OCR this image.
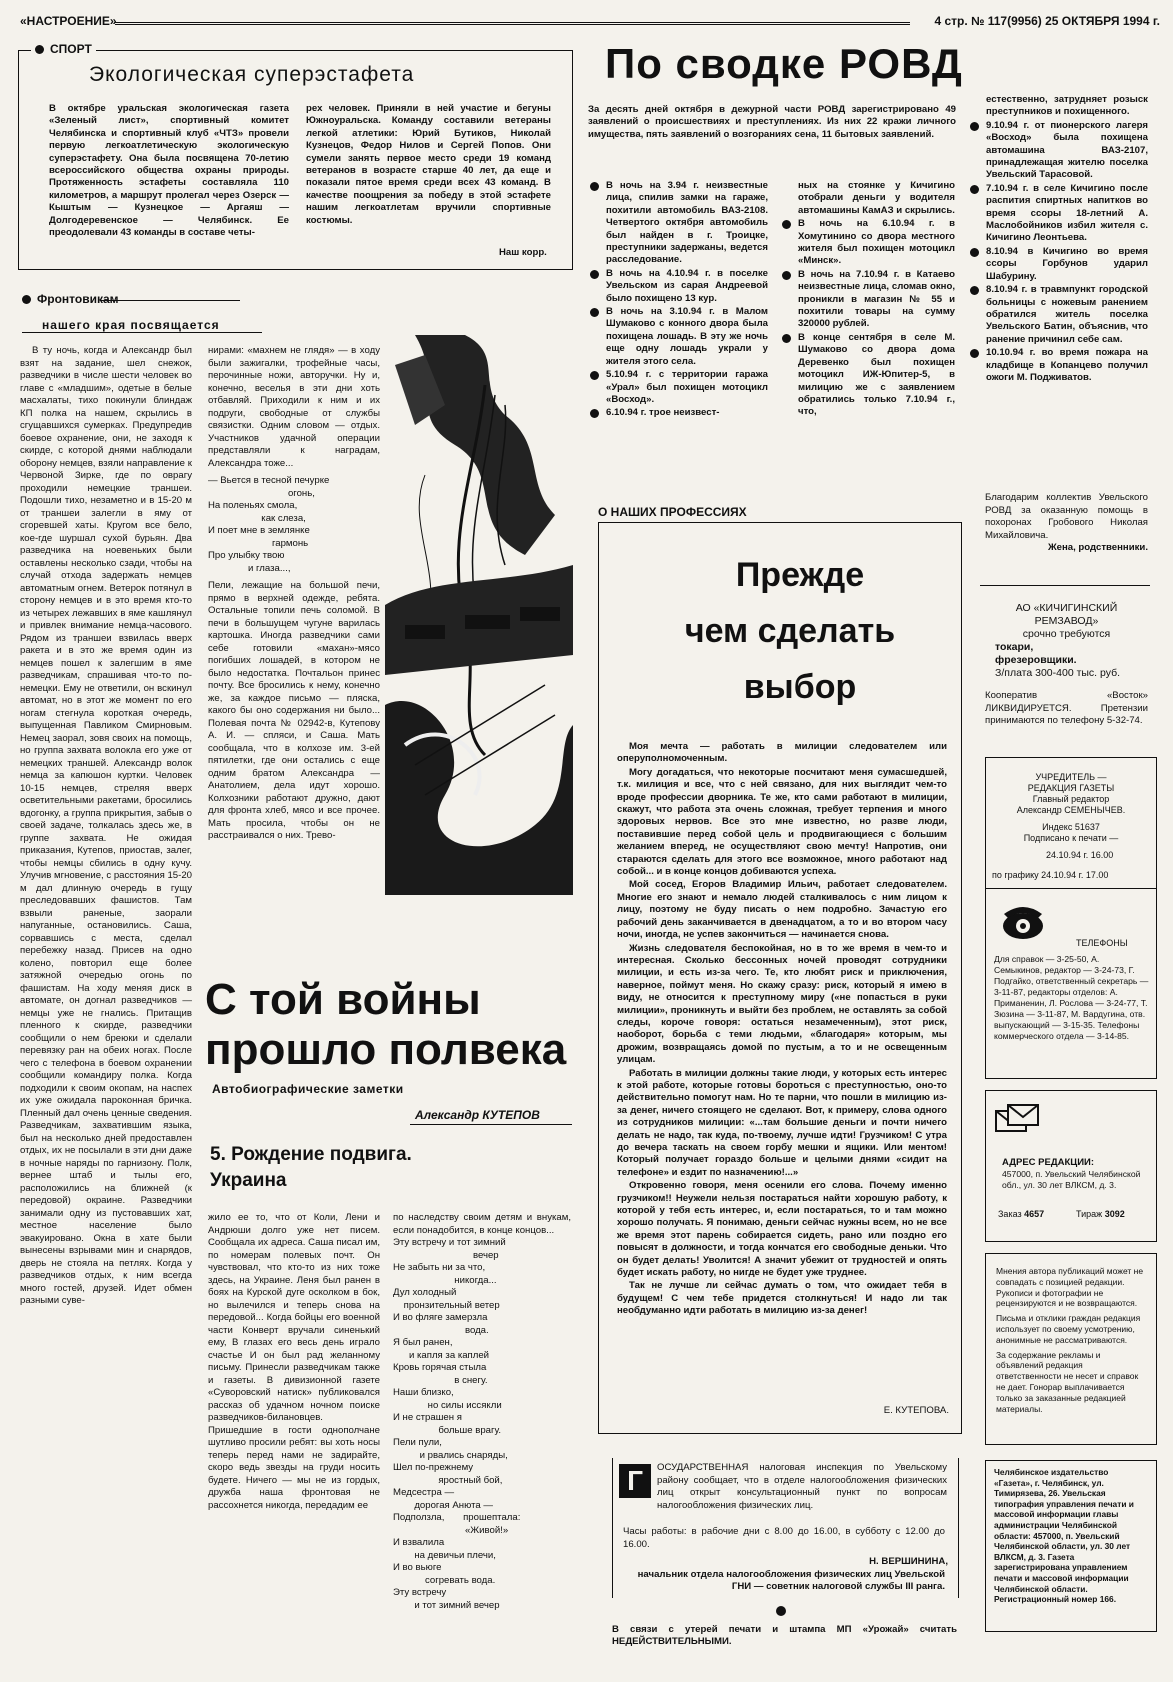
«НАСТРОЕНИЕ»	4 стр. № 117(9956) 25 ОКТЯБРЯ 1994 г.
СПОРТ
Экологическая суперэстафета
В октябре уральская экологическая газета «Зеленый лист», спортивный комитет Челябинска и спортивный клуб «ЧТЗ» провели первую легкоатлетическую экологическую суперэстафету. Она была посвящена 70-летию всероссийского общества охраны природы. Протяженность эстафеты составляла 110 километров, а маршрут пролегал через Озерск — Кыштым — Кузнецкое — Аргаяш — Долгодеревенское — Челябинск. Ее преодолевали 43 команды в составе четы-
рех человек. Приняли в ней участие и бегуны Южноуральска. Команду составили ветераны легкой атлетики: Юрий Бутиков, Николай Кузнецов, Федор Нилов и Сергей Попов. Они сумели занять первое место среди 19 команд ветеранов в возрасте старше 40 лет, да еще и показали пятое время среди всех 43 команд. В качестве поощрения за победу в этой эстафете нашим легкоатлетам вручили спортивные костюмы.
Наш корр.
По сводке РОВД
За десять дней октября в дежурной части РОВД зарегистрировано 49 заявлений о происшествиях и преступлениях. Из них 22 кражи личного имущества, пять заявлений о возгораниях сена, 11 бытовых заявлений.
В ночь на 3.94 г. неизвестные лица, спилив замки на гараже, похитили автомобиль ВАЗ-2108. Четвертого октября автомобиль был найден в г. Троицке, преступники задержаны, ведется расследование.
В ночь на 4.10.94 г. в поселке Увельском из сарая Андреевой было похищено 13 кур.
В ночь на 3.10.94 г. в Малом Шумаково с конного двора была похищена лошадь. В эту же ночь еще одну лошадь украли у жителя этого села.
5.10.94 г. с территории гаража «Урал» был похищен мотоцикл «Восход».
6.10.94 г. трое неизвест-
ных на стоянке у Кичигино отобрали деньги у водителя автомашины КамАЗ и скрылись.
В ночь на 6.10.94 г. в Хомутинино со двора местного жителя был похищен мотоцикл «Минск».
В ночь на 7.10.94 г. в Катаево неизвестные лица, сломав окно, проникли в магазин № 55 и похитили товары на сумму 320000 рублей.
В конце сентября в селе М. Шумаково со двора дома Деревенко был похищен мотоцикл ИЖ-Юпитер-5, в милицию же с заявлением обратились только 7.10.94 г., что,
естественно, затрудняет розыск преступников и похищенного.
9.10.94 г. от пионерского лагеря «Восход» была похищена автомашина ВАЗ-2107, принадлежащая жителю поселка Увельский Тарасовой.
7.10.94 г. в селе Кичигино после распития спиртных напитков во время ссоры 18-летний А. Маслобойников избил жителя с. Кичигино Леонтьева.
8.10.94 в Кичигино во время ссоры Горбунов ударил Шабурину.
8.10.94 г. в травмпункт городской больницы с ножевым ранением обратился житель поселка Увельского Батин, объяснив, что ранение причинил себе сам.
10.10.94 г. во время пожара на кладбище в Копанцево получил ожоги М. Подживатов.
Фронтовикам
нашего края посвящается

В ту ночь, когда и Александр был взят на задание, шел снежок, разведчики в числе шести человек во главе с «младшим», одетые в белые масхалаты, тихо покинули блиндаж КП полка на нашем, скрылись в сгущавшихся сумерках. Предупредив боевое охранение, они, не заходя к скирде, с которой днями наблюдали оборону немцев, взяли направление к Червоной Зирке, где по оврагу проходили немецкие траншеи. Подошли тихо, незаметно и в 15-20 м от траншеи залегли в яму от сгоревшей хаты. Кругом все бело, кое-где шуршал сухой бурьян. Два разведчика на ноевеньких были оставлены несколько сзади, чтобы на случай отхода задержать немцев автоматным огнем. Ветерок потянул в сторону немцев и в это время кто-то из четырех лежавших в яме кашлянул и привлек внимание немца-часового. Рядом из траншеи взвилась вверх ракета и в это же время один из немцев пошел к залегшим в яме разведчикам, спрашивая что-то по-немецки. Ему не ответили, он вскинул автомат, но в этот же момент по его ногам стегнула короткая очередь, выпущенная Павликом Смирновым. Немец заорал, зовя своих на помощь, но группа захвата волокла его уже от немецких траншей. Александр волок немца за капюшон куртки. Человек 10-15 немцев, стреляя вверх осветительными ракетами, бросились вдогонку, а группа прикрытия, забыв о своей задаче, толкалась здесь же, в группе захвата. Не ожидая приказания, Кутепов, приостав, залег, чтобы немцы сбились в одну кучу. Улучив мгновение, с расстояния 15-20 м дал длинную очередь в гущу преследовавших фашистов. Там взвыли раненые, заорали напуганные, остановились. Саша, сорвавшись с места, сделал перебежку назад. Присев на одно колено, повторил еще более затяжной очередью огонь по фашистам. На ходу меняя диск в автомате, он догнал разведчиков — немцы уже не гнались. Притащив пленного к скирде, разведчики сообщили о нем бреюки и сделали перевязку ран на обеих ногах. После чего с телефона в боевом охранении сообщили командиру полка. Когда подходили к своим окопам, на наспех их уже ожидала пароконная бричка. Пленный дал очень ценные сведения. Разведчикам, захватившим языка, был на несколько дней предоставлен отдых, их не посылали в эти дни даже в ночные наряды по гарнизону. Полк, вернее штаб и тылы его, расположились на ближней (к передовой) окраине. Разведчики занимали одну из пустовавших хат, местное население было эвакуировано. Окна в хате были вынесены взрывами мин и снарядов, дверь не стояла на петлях. Когда у разведчиков отдых, к ним всегда много гостей, друзей. Идет обмен разными суве-

нирами: «махнем не глядя» — в ходу были зажигалки, трофейные часы, перочинные ножи, авторучки. Ну и, конечно, веселья в эти дни хоть отбавляй. Приходили к ним и их подруги, свободные от службы связистки. Одним словом — отдых. Участников удачной операции представляли к наградам, Александра тоже...
— Вьется в тесной печурке
огонь,
На поленьях смола,
как слеза,
И поет мне в землянке
гармонь
Про улыбку твою
и глаза...,
Пели, лежащие на большой печи, прямо в верхней одежде, ребята. Остальные топили печь соломой. В печи в большущем чугуне варилась картошка. Иногда разведчики сами себе готовили «махан»-мясо погибших лошадей, в котором не было недостатка. Почтальон принес почту. Все бросились к нему, конечно же, за каждое письмо — пляска, какого бы оно содержания ни было... Полевая почта № 02942-в, Кутепову А. И. — спляси, и Саша. Мать сообщала, что в колхозе им. 3-ей пятилетки, где они остались с еще одним братом Александра — Анатолием, дела идут хорошо. Колхозники работают дружно, дают для фронта хлеб, мясо и все прочее. Мать просила, чтобы он не расстраивался о них. Трево-
С той войны
прошло полвека
Автобиографические заметки
Александр КУТЕПОВ
5. Рождение подвига.
Украина
жило ее то, что от Коли, Лени и Андрюши долго уже нет писем. Сообщала их адреса. Саша писал им, по номерам полевых почт. Он чувствовал, что кто-то из них тоже здесь, на Украине. Леня был ранен в боях на Курской дуге осколком в бок, но вылечился и теперь снова на передовой... Когда бойцы его военной части Конверт вручали синенький ему, В глазах его весь день играло счастье И он был рад желанному письму. Принесли разведчикам также и газеты. В дивизионной газете «Суворовский натиск» публиковался рассказ об удачном ночном поиске разведчиков-билановцев. Пришедшие в гости однополчане шутливо просили ребят: вы хоть носы теперь перед нами не задирайте, скоро ведь звезды на груди носить будете. Ничего — мы не из гордых, дружба наша фронтовая не рассохнется никогда, передадим ее
по наследству своим детям и внукам, если понадобится, в конце концов...
Эту встречу и тот зимний
вечер
Не забыть ни за что,
никогда...
Дул холодный
пронзительный ветер
И во фляге замерзла
вода.
Я был ранен,
и капля за каплей
Кровь горячая стыла
в снегу.
Наши близко,
но силы иссякли
И не страшен я
больше врагу.
Пели пули,
и рвались снаряды,
Шел по-прежнему
яростный бой,
Медсестра —
дорогая Анюта —
Подползла,       прошептала:
«Живой!»
И взвалила
на девичьи плечи,
И во вьюге
согревать вода.
Эту встречу
и тот зимний вечер
О НАШИХ ПРОФЕССИЯХ
Прежде
чем сделать
выбор

Моя мечта — работать в милиции следователем или оперуполномоченным.

Могу догадаться, что некоторые посчитают меня сумасшедшей, т.к. милиция и все, что с ней связано, для них выглядит чем-то вроде профессии дворника. Те же, кто сами работают в милиции, скажут, что работа эта очень сложная, требует терпения и много здоровых нервов. Все это мне известно, но разве люди, поставившие перед собой цель и продвигающиеся с большим желанием вперед, не осуществляют свою мечту! Напротив, они стараются сделать для этого все возможное, много работают над собой... и в конце концов добиваются успеха.

Мой сосед, Егоров Владимир Ильич, работает следователем. Многие его знают и немало людей сталкивалось с ним лицом к лицу, поэтому не буду писать о нем подробно. Зачастую его рабочий день заканчивается в двенадцатом, а то и во втором часу ночи, иногда, не успев закончиться — начинается снова.

Жизнь следователя беспокойная, но в то же время в чем-то и интересная. Сколько бессонных ночей проводят сотрудники милиции, и есть из-за чего. Те, кто любят риск и приключения, наверное, поймут меня. Но скажу сразу: риск, который я имею в виду, не относится к преступному миру («не попасться в руки милиции», проникнуть и выйти без проблем, не оставлять за собой следы, короче говоря: остаться незамеченным), этот риск, наоборот, борьба с теми людьми, «благодаря» которым, мы дрожим, возвращаясь домой по пустым, а то и не освещенным улицам.

Работать в милиции должны такие люди, у которых есть интерес к этой работе, которые готовы бороться с преступностью, оно-то действительно помогут нам. Но те парни, что пошли в милицию из-за денег, ничего стоящего не сделают. Вот, к примеру, слова одного из сотрудников милиции: «...там большие деньги и почти ничего делать не надо, так куда, по-твоему, лучше идти! Грузчиком! С утра до вечера таскать на своем горбу мешки и ящики. Или ментом! Который получает гораздо больше и целыми днями «сидит на телефоне» и ездит по назначению!...»

Откровенно говоря, меня осенили его слова. Почему именно грузчиком!! Неужели нельзя постараться найти хорошую работу, к которой у тебя есть интерес, и, если постараться, то и там можно хорошо получать. Я понимаю, деньги сейчас нужны всем, но не все же время этот парень собирается сидеть, рано или поздно его повысят в должности, и тогда кончатся его свободные деньки. Что он будет делать! Уволится! А значит убежит от трудностей и опять будет искать работу, но нигде не будет уже труднее.

Так не лучше ли сейчас думать о том, что ожидает тебя в будущем! С чем тебе придется столкнуться! И надо ли так необдуманно идти работать в милицию из-за денег!

Е. КУТЕПОВА.
Г	ОСУДАРСТВЕННАЯ налоговая инспекция по Увельскому району сообщает, что в отделе налогообложения физических лиц открыт консультационный пункт по вопросам налогообложения физических лиц.
Часы работы: в рабочие дни с 8.00 до 16.00, в субботу с 12.00 до 16.00.
Н. ВЕРШИНИНА,
начальник отдела налогообложения физических лиц Увельской ГНИ — советник налоговой службы III ранга.
В связи с утерей печати и штампа МП «Урожай» считать НЕДЕЙСТВИТЕЛЬНЫМИ.
Благодарим коллектив Увельского РОВД за оказанную помощь в похоронах Гробового Николая Михайловича.
Жена, родственники.
АО «КИЧИГИНСКИЙ РЕМЗАВОД»
срочно требуются
токари,
фрезеровщики.
З/плата 300-400 тыс. руб.
Кооператив «Восток» ЛИКВИДИРУЕТСЯ. Претензии принимаются по телефону 5-32-74.
УЧРЕДИТЕЛЬ —
РЕДАКЦИЯ ГАЗЕТЫ
Главный редактор
Александр СЕМЕНЫЧЕВ.
Индекс 51637
Подписано к печати —
24.10.94 г. 16.00
по графику 24.10.94 г. 17.00
ТЕЛЕФОНЫ
Для справок — 3-25-50, А. Семыкинов, редактор — 3-24-73, Г. Подгайко, ответственный секретарь — 3-11-87, редакторы отделов: А. Приманенин, Л. Рослова — 3-24-77, Т. Зюзина — 3-11-87, М. Вардугина, отв. выпускающий — 3-15-35. Телефоны коммерческого отдела — 3-14-85.
АДРЕС РЕДАКЦИИ:
457000, п. Увельский Челябинской обл., ул. 30 лет ВЛКСМ, д. 3.
Заказ 4657	Тираж 3092
Мнения автора публикаций может не совпадать с позицией редакции. Рукописи и фотографии не рецензируются и не возвращаются.
Письма и отклики граждан редакция использует по своему усмотрению, анонимные не рассматриваются.
За содержание рекламы и объявлений редакция ответственности не несет и справок не дает. Гонорар выплачивается только за заказанные редакцией материалы.
Челябинское издательство «Газета», г. Челябинск, ул. Тимирязева, 26. Увельская типография управления печати и массовой информации главы администрации Челябинской области: 457000, п. Увельский Челябинской области, ул. 30 лет ВЛКСМ, д. 3. Газета зарегистрирована управлением печати и массовой информации Челябинской области. Регистрационный номер 166.
